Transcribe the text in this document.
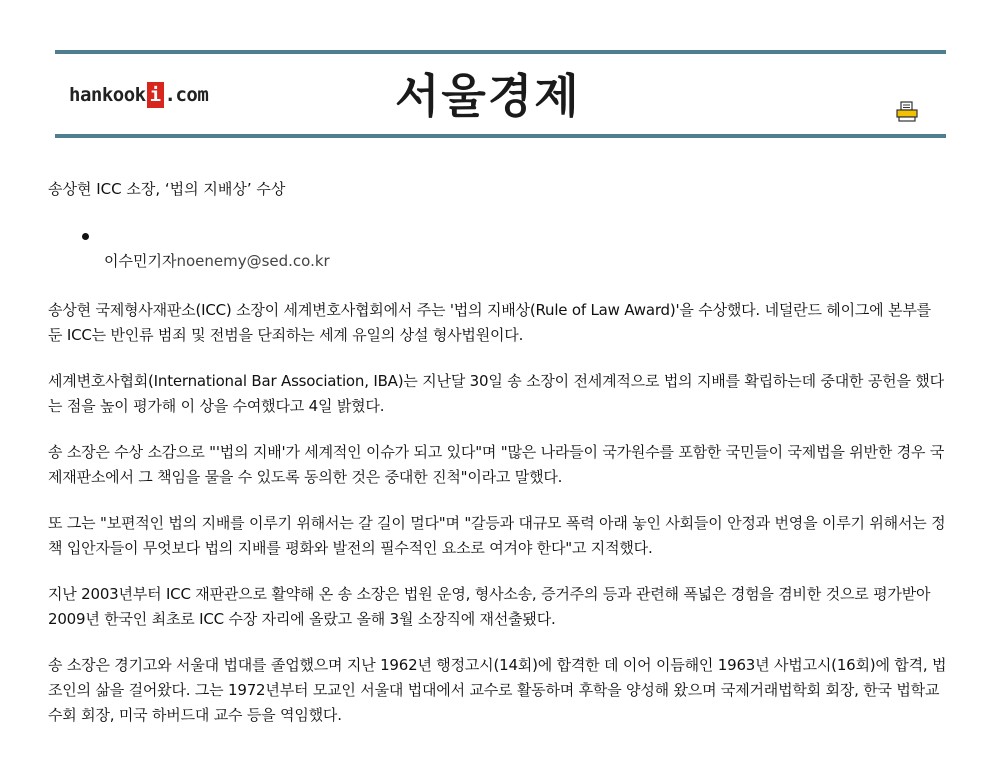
hankook i .com	서울경제
송상현 ICC 소장, ‘법의 지배상’ 수상
이수민기자noenemy@sed.co.kr

송상현 국제형사재판소(ICC) 소장이 세계변호사협회에서 주는 '법의 지배상(Rule of Law Award)'을 수상했다. 네덜란드 헤이그에 본부를 둔 ICC는 반인류 범죄 및 전범을 단죄하는 세계 유일의 상설 형사법원이다.

세계변호사협회(International Bar Association, IBA)는 지난달 30일 송 소장이 전세계적으로 법의 지배를 확립하는데 중대한 공헌을 했다는 점을 높이 평가해 이 상을 수여했다고 4일 밝혔다.

송 소장은 수상 소감으로 "'법의 지배'가 세계적인 이슈가 되고 있다"며 "많은 나라들이 국가원수를 포함한 국민들이 국제법을 위반한 경우 국제재판소에서 그 책임을 물을 수 있도록 동의한 것은 중대한 진척"이라고 말했다.

또 그는 "보편적인 법의 지배를 이루기 위해서는 갈 길이 멀다"며 "갈등과 대규모 폭력 아래 놓인 사회들이 안정과 번영을 이루기 위해서는 정책 입안자들이 무엇보다 법의 지배를 평화와 발전의 필수적인 요소로 여겨야 한다"고 지적했다.

지난 2003년부터 ICC 재판관으로 활약해 온 송 소장은 법원 운영, 형사소송, 증거주의 등과 관련해 폭넓은 경험을 겸비한 것으로 평가받아 2009년 한국인 최초로 ICC 수장 자리에 올랐고 올해 3월 소장직에 재선출됐다.

송 소장은 경기고와 서울대 법대를 졸업했으며 지난 1962년 행정고시(14회)에 합격한 데 이어 이듬해인 1963년 사법고시(16회)에 합격, 법조인의 삶을 걸어왔다. 그는 1972년부터 모교인 서울대 법대에서 교수로 활동하며 후학을 양성해 왔으며 국제거래법학회 회장, 한국 법학교수회 회장, 미국 하버드대 교수 등을 역임했다.
